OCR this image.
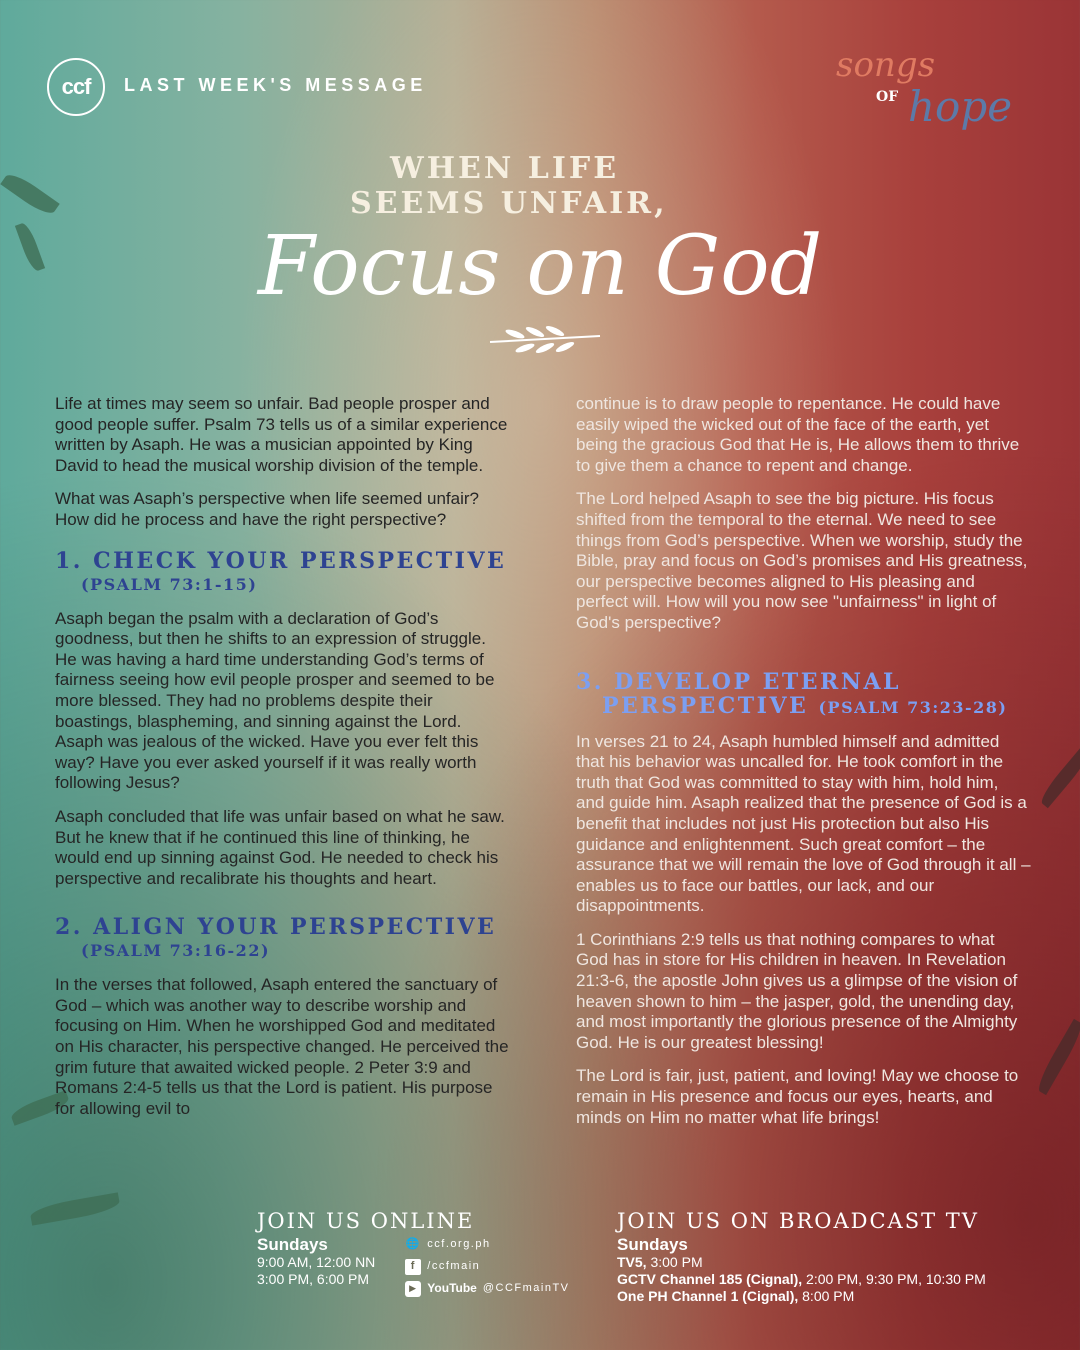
ccf	LAST WEEK'S MESSAGE	songs
OF hope
WHEN LIFE
SEEMS UNFAIR,
Focus on God

Life at times may seem so unfair. Bad people prosper and good people suffer. Psalm 73 tells us of a similar experience written by Asaph. He was a musician appointed by King David to head the musical worship division of the temple.

What was Asaph’s perspective when life seemed unfair? How did he process and have the right perspective?

1. CHECK YOUR PERSPECTIVE
(PSALM 73:1-15)

Asaph began the psalm with a declaration of God’s goodness, but then he shifts to an expression of struggle. He was having a hard time understanding God’s terms of fairness seeing how evil people prosper and seemed to be more blessed. They had no problems despite their boastings, blaspheming, and sinning against the Lord. Asaph was jealous of the wicked. Have you ever felt this way? Have you ever asked yourself if it was really worth following Jesus?

Asaph concluded that life was unfair based on what he saw. But he knew that if he continued this line of thinking, he would end up sinning against God. He needed to check his perspective and recalibrate his thoughts and heart.

2. ALIGN YOUR PERSPECTIVE
(PSALM 73:16-22)

In the verses that followed, Asaph entered the sanctuary of God – which was another way to describe worship and focusing on Him. When he worshipped God and meditated on His character, his perspective changed. He perceived the grim future that awaited wicked people. 2 Peter 3:9 and Romans 2:4-5 tells us that the Lord is patient. His purpose for allowing evil to

continue is to draw people to repentance. He could have easily wiped the wicked out of the face of the earth, yet being the gracious God that He is, He allows them to thrive to give them a chance to repent and change.

The Lord helped Asaph to see the big picture. His focus shifted from the temporal to the eternal. We need to see things from God’s perspective. When we worship, study the Bible, pray and focus on God’s promises and His greatness, our perspective becomes aligned to His pleasing and perfect will. How will you now see "unfairness" in light of God's perspective?

3. DEVELOP ETERNAL
PERSPECTIVE (PSALM 73:23-28)

In verses 21 to 24, Asaph humbled himself and admitted that his behavior was uncalled for. He took comfort in the truth that God was committed to stay with him, hold him, and guide him. Asaph realized that the presence of God is a benefit that includes not just His protection but also His guidance and enlightenment. Such great comfort – the assurance that we will remain the love of God through it all – enables us to face our battles, our lack, and our disappointments.

1 Corinthians 2:9 tells us that nothing compares to what God has in store for His children in heaven. In Revelation 21:3-6, the apostle John gives us a glimpse of the vision of heaven shown to him – the jasper, gold, the unending day, and most importantly the glorious presence of the Almighty God. He is our greatest blessing!

The Lord is fair, just, patient, and loving! May we choose to remain in His presence and focus our eyes, hearts, and minds on Him no matter what life brings!

JOIN US ONLINE
Sundays
9:00 AM, 12:00 NN
3:00 PM, 6:00 PM
🌐 ccf.org.ph
f	/ccfmain
▶ YouTube @CCFmainTV
JOIN US ON BROADCAST TV
Sundays

TV5, 3:00 PM
GCTV Channel 185 (Cignal), 2:00 PM, 9:30 PM, 10:30 PM
One PH Channel 1 (Cignal), 8:00 PM
